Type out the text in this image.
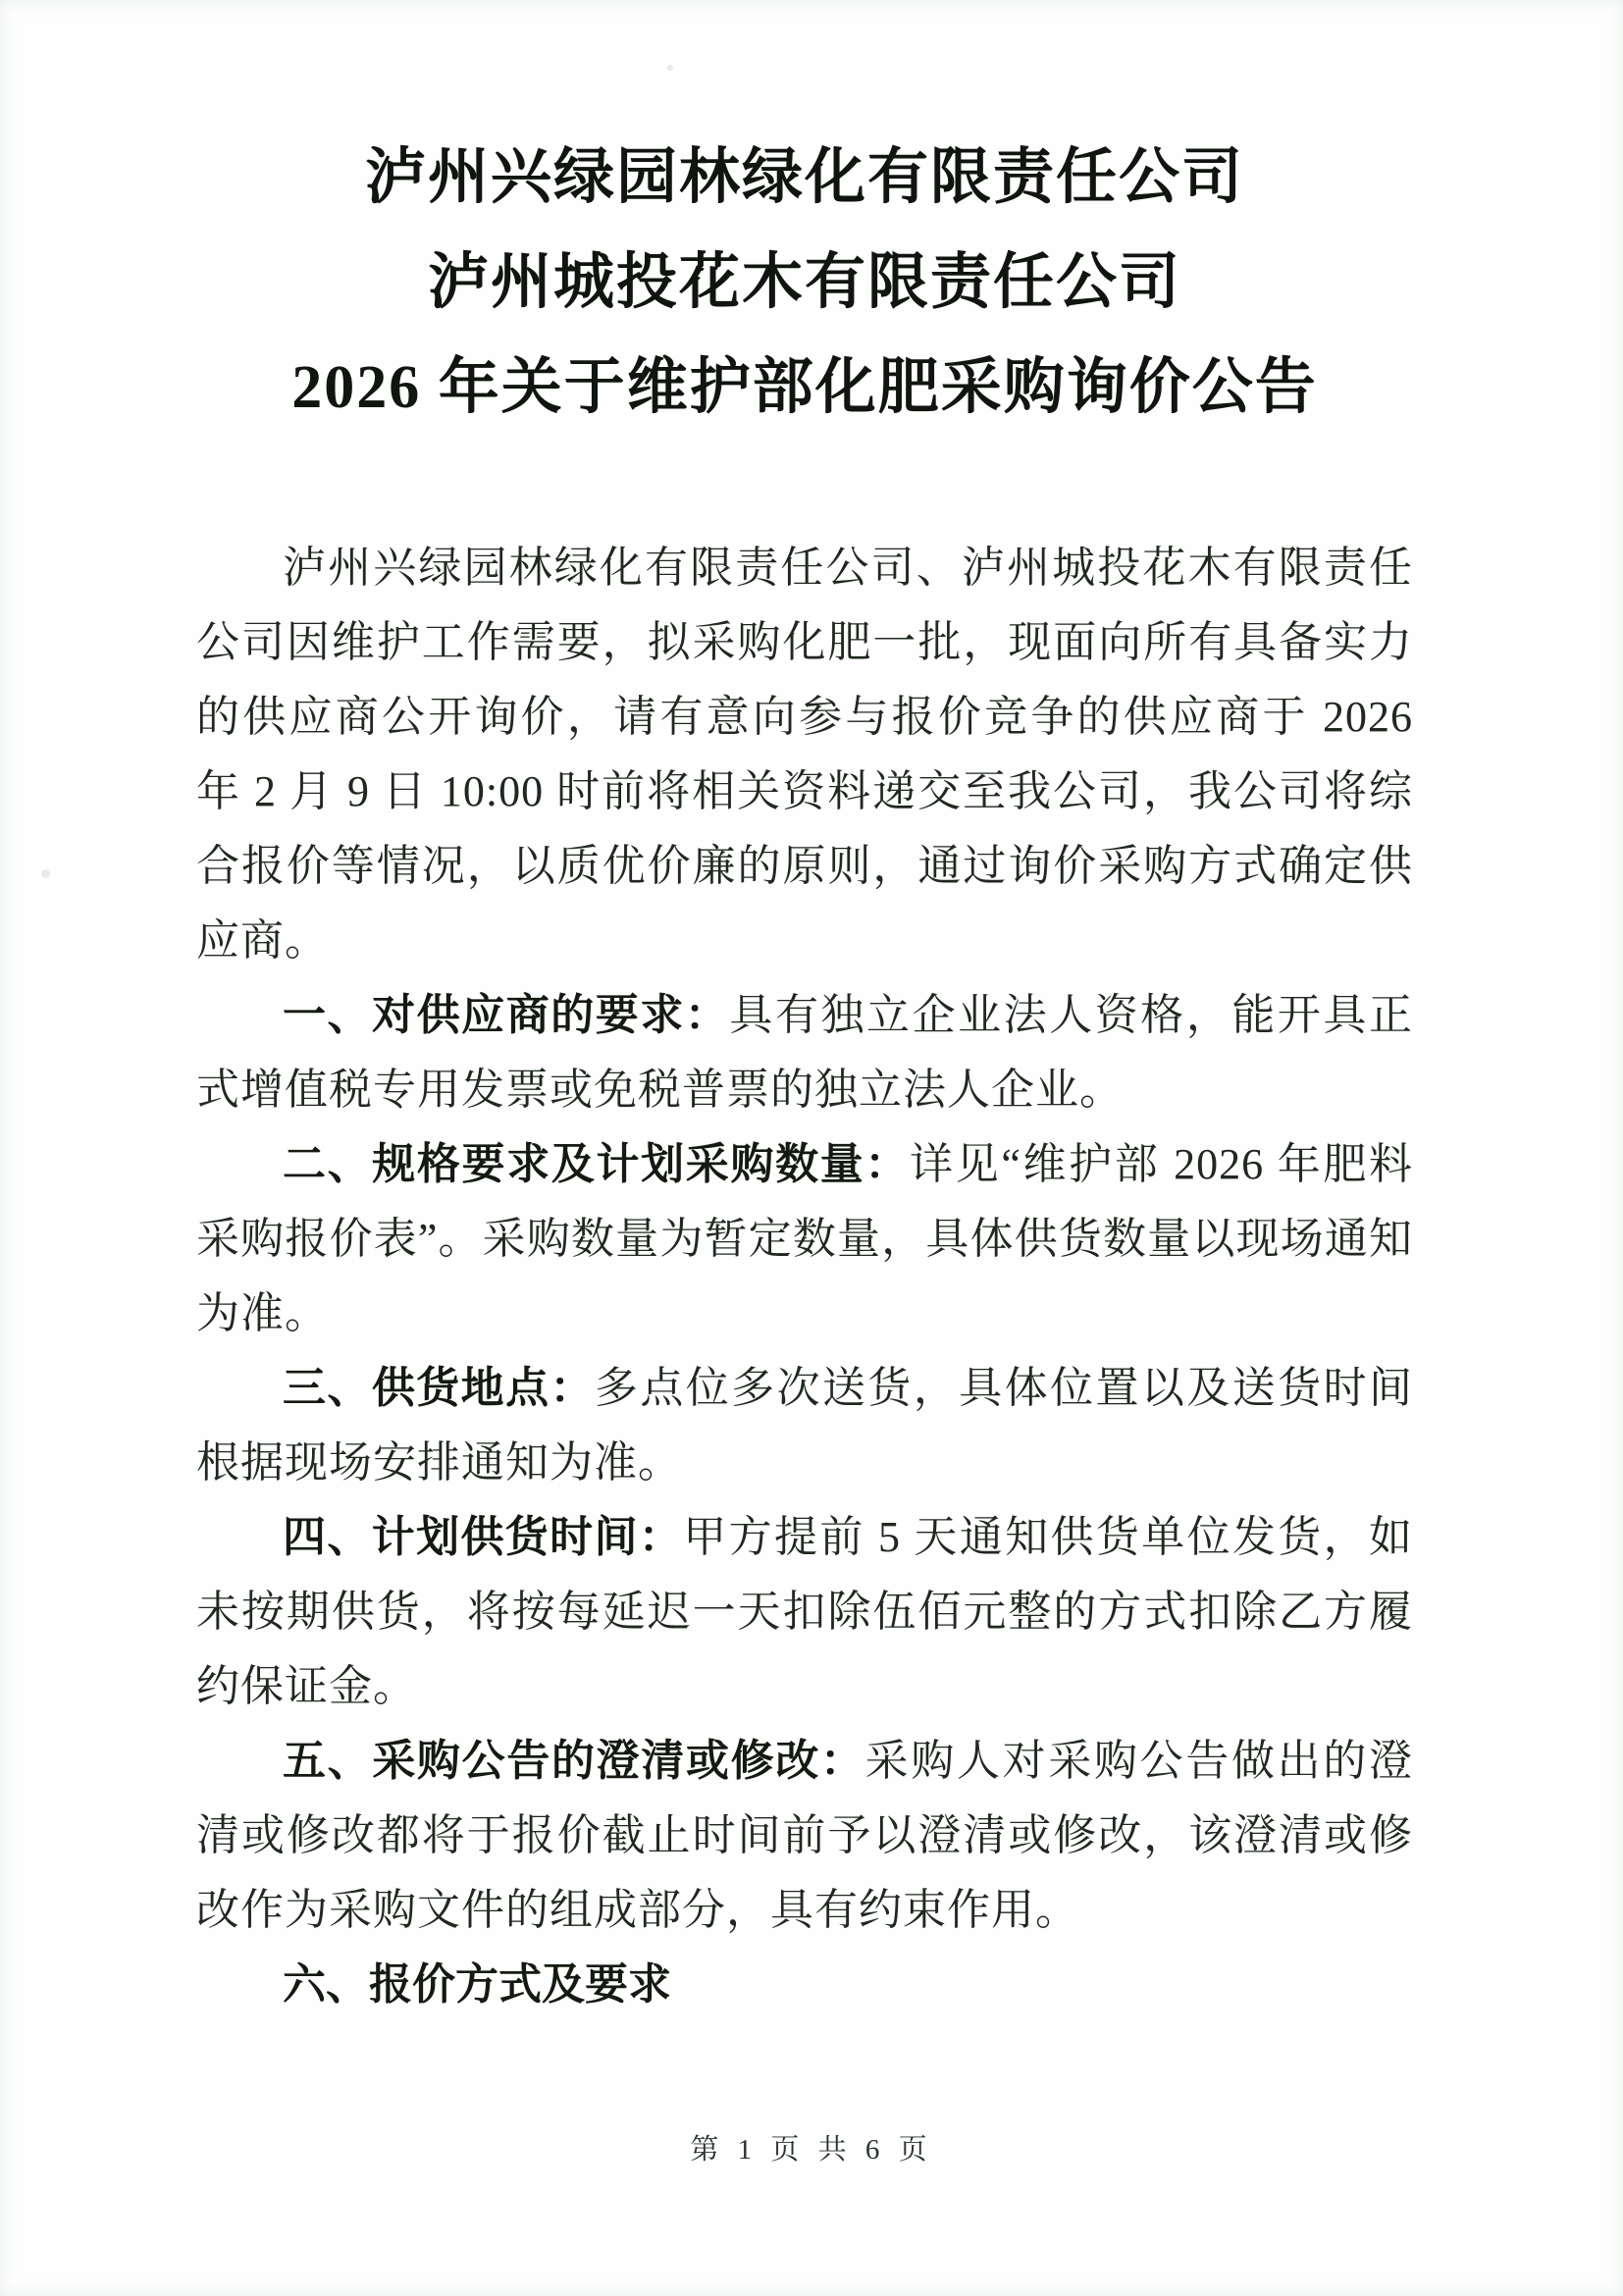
泸州兴绿园林绿化有限责任公司
泸州城投花木有限责任公司
2026 年关于维护部化肥采购询价公告

泸州兴绿园林绿化有限责任公司、泸州城投花木有限责任公司因维护工作需要，拟采购化肥一批，现面向所有具备实力的供应商公开询价，请有意向参与报价竞争的供应商于 2026 年 2 月 9 日 10:00 时前将相关资料递交至我公司，我公司将综合报价等情况，以质优价廉的原则，通过询价采购方式确定供应商。

一、对供应商的要求：具有独立企业法人资格，能开具正式增值税专用发票或免税普票的独立法人企业。

二、规格要求及计划采购数量：详见“维护部 2026 年肥料采购报价表”。采购数量为暂定数量，具体供货数量以现场通知为准。

三、供货地点：多点位多次送货，具体位置以及送货时间根据现场安排通知为准。

四、计划供货时间：甲方提前 5 天通知供货单位发货，如未按期供货，将按每延迟一天扣除伍佰元整的方式扣除乙方履约保证金。

五、采购公告的澄清或修改：采购人对采购公告做出的澄清或修改都将于报价截止时间前予以澄清或修改，该澄清或修改作为采购文件的组成部分，具有约束作用。

六、报价方式及要求

第 1 页 共 6 页
